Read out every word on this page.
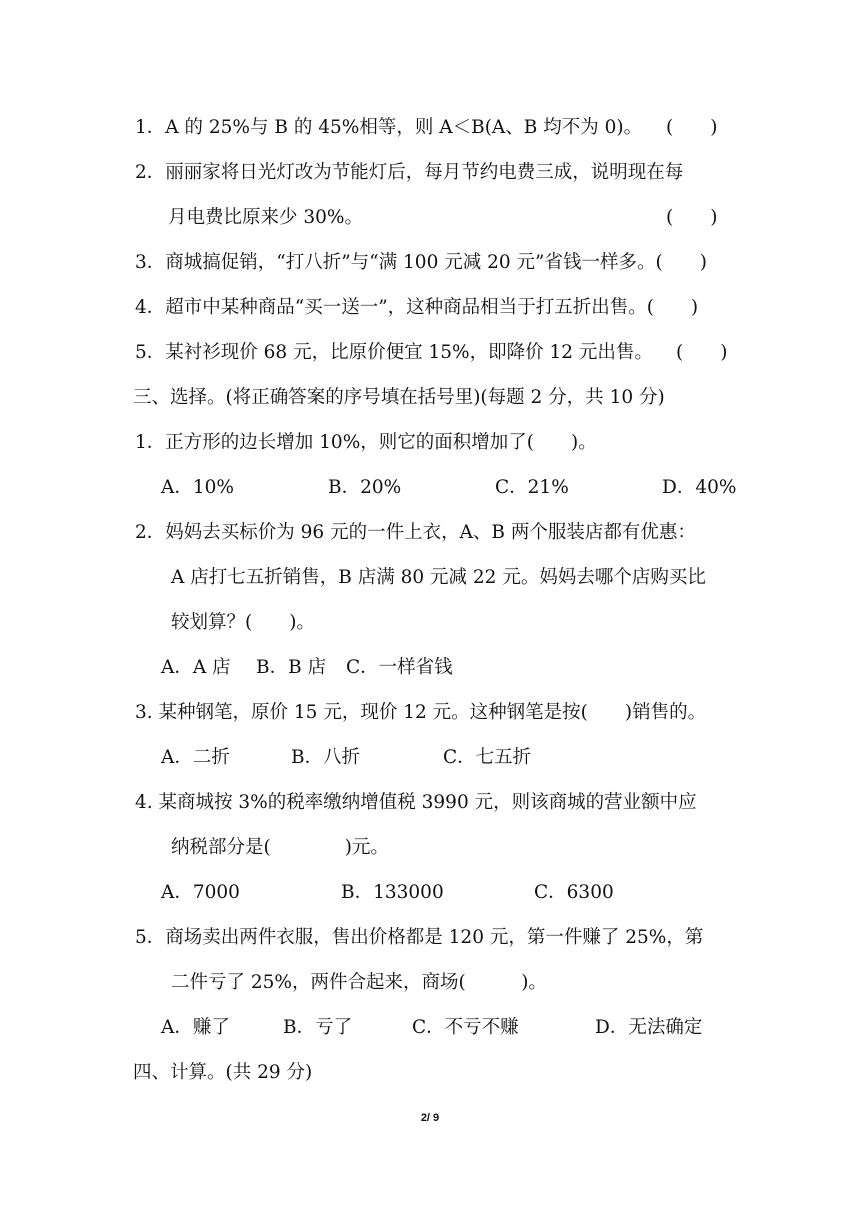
1．A 的 25%与 B 的 45%相等，则 A＜B(A、B 均不为 0)。 (　　)
2．丽丽家将日光灯改为节能灯后，每月节约电费三成，说明现在每
月电费比原来少 30%。	(　　)
3．商城搞促销，“打八折”与“满 100 元减 20 元”省钱一样多。(　　)
4．超市中某种商品“买一送一”，这种商品相当于打五折出售。(　　)
5．某衬衫现价 68 元，比原价便宜 15%，即降价 12 元出售。 (　　)
三、选择。(将正确答案的序号填在括号里)(每题 2 分，共 10 分)
1．正方形的边长增加 10%，则它的面积增加了(　　)。
A．10%	B．20%	C．21%	D．40%
2．妈妈去买标价为 96 元的一件上衣，A、B 两个服装店都有优惠：
A 店打七五折销售，B 店满 80 元减 22 元。妈妈去哪个店购买比
较划算？(　　)。
A．A 店 B．B 店 C．一样省钱
3. 某种钢笔，原价 15 元，现价 12 元。这种钢笔是按(　　)销售的。
A．二折	B．八折	C．七五折
4. 某商城按 3%的税率缴纳增值税 3990 元，则该商城的营业额中应
纳税部分是(　　　　)元。
A．7000	B．133000	C．6300
5．商场卖出两件衣服，售出价格都是 120 元，第一件赚了 25%，第
二件亏了 25%，两件合起来，商场(　　　)。
A．赚了	B．亏了	C．不亏不赚	D．无法确定
四、计算。(共 29 分)
2/ 9
